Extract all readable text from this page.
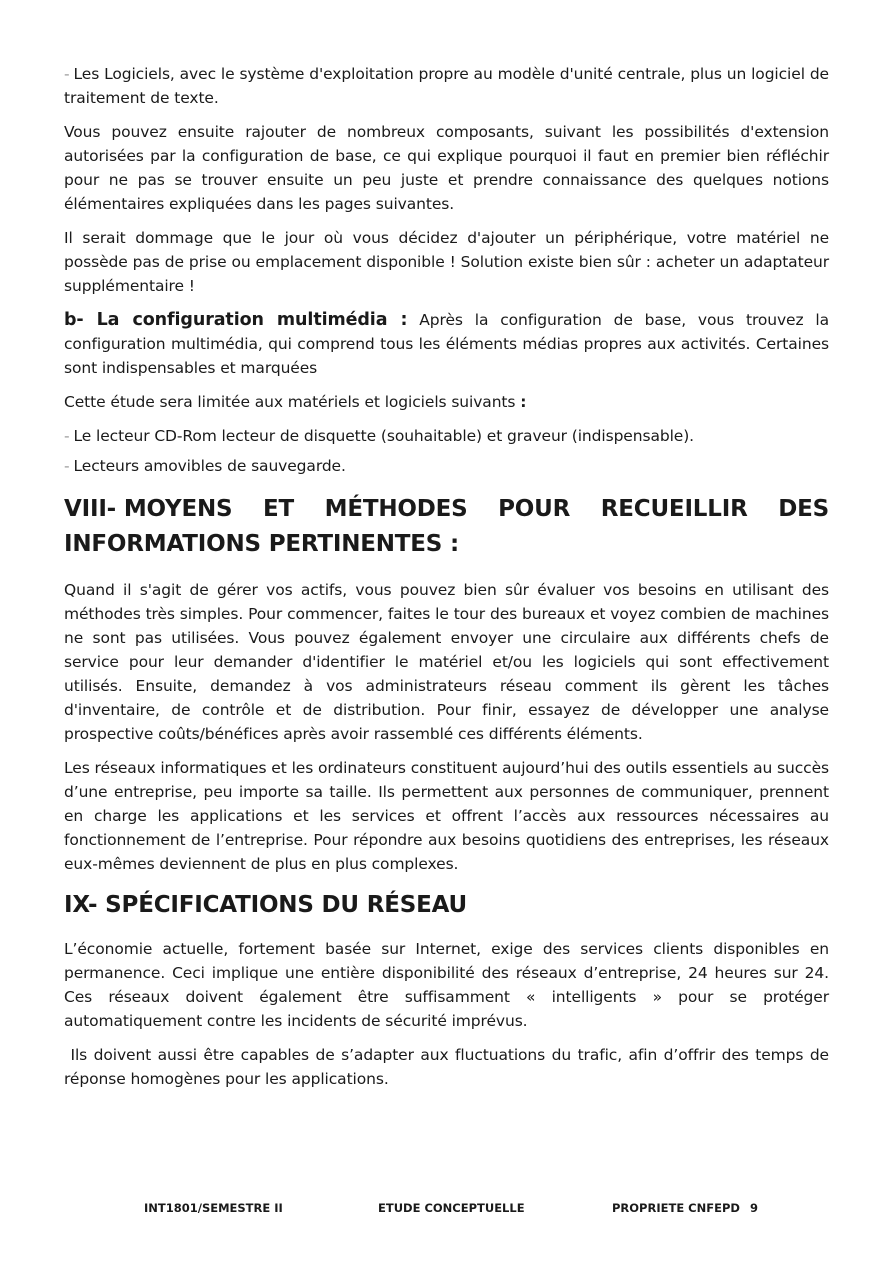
- Les Logiciels, avec le système d'exploitation propre au modèle d'unité centrale, plus un logiciel de traitement de texte.

Vous pouvez ensuite rajouter de nombreux composants, suivant les possibilités d'extension autorisées par la configuration de base, ce qui explique pourquoi il faut en premier bien réfléchir pour ne pas se trouver ensuite un peu juste et prendre connaissance des quelques notions élémentaires expliquées dans les pages suivantes.

Il serait dommage que le jour où vous décidez d'ajouter un périphérique, votre matériel ne possède pas de prise ou emplacement disponible ! Solution existe bien sûr : acheter un adaptateur supplémentaire !

b- La configuration multimédia : Après la configuration de base, vous trouvez la configuration multimédia, qui comprend tous les éléments médias propres aux activités. Certaines sont indispensables et marquées

Cette étude sera limitée aux matériels et logiciels suivants :

- Le lecteur CD-Rom lecteur de disquette (souhaitable) et graveur (indispensable).

- Lecteurs amovibles de sauvegarde.

VIII- MOYENS ET MÉTHODES POUR RECUEILLIR DES
INFORMATIONS PERTINENTES :

Quand il s'agit de gérer vos actifs, vous pouvez bien sûr évaluer vos besoins en utilisant des méthodes très simples. Pour commencer, faites le tour des bureaux et voyez combien de machines ne sont pas utilisées. Vous pouvez également envoyer une circulaire aux différents chefs de service pour leur demander d'identifier le matériel et/ou les logiciels qui sont effectivement utilisés. Ensuite, demandez à vos administrateurs réseau comment ils gèrent les tâches d'inventaire, de contrôle et de distribution. Pour finir, essayez de développer une analyse prospective coûts/bénéfices après avoir rassemblé ces différents éléments.

Les réseaux informatiques et les ordinateurs constituent aujourd’hui des outils essentiels au succès d’une entreprise, peu importe sa taille. Ils permettent aux personnes de communiquer, prennent en charge les applications et les services et offrent l’accès aux ressources nécessaires au fonctionnement de l’entreprise. Pour répondre aux besoins quotidiens des entreprises, les réseaux eux-mêmes deviennent de plus en plus complexes.

IX- SPÉCIFICATIONS DU RÉSEAU

L’économie actuelle, fortement basée sur Internet, exige des services clients disponibles en permanence. Ceci implique une entière disponibilité des réseaux d’entreprise, 24 heures sur 24. Ces réseaux doivent également être suffisamment « intelligents » pour se protéger automatiquement contre les incidents de sécurité imprévus.

Ils doivent aussi être capables de s’adapter aux fluctuations du trafic, afin d’offrir des temps de réponse homogènes pour les applications.

INT1801/SEMESTRE II	ETUDE CONCEPTUELLE	PROPRIETE CNFEPD 9
